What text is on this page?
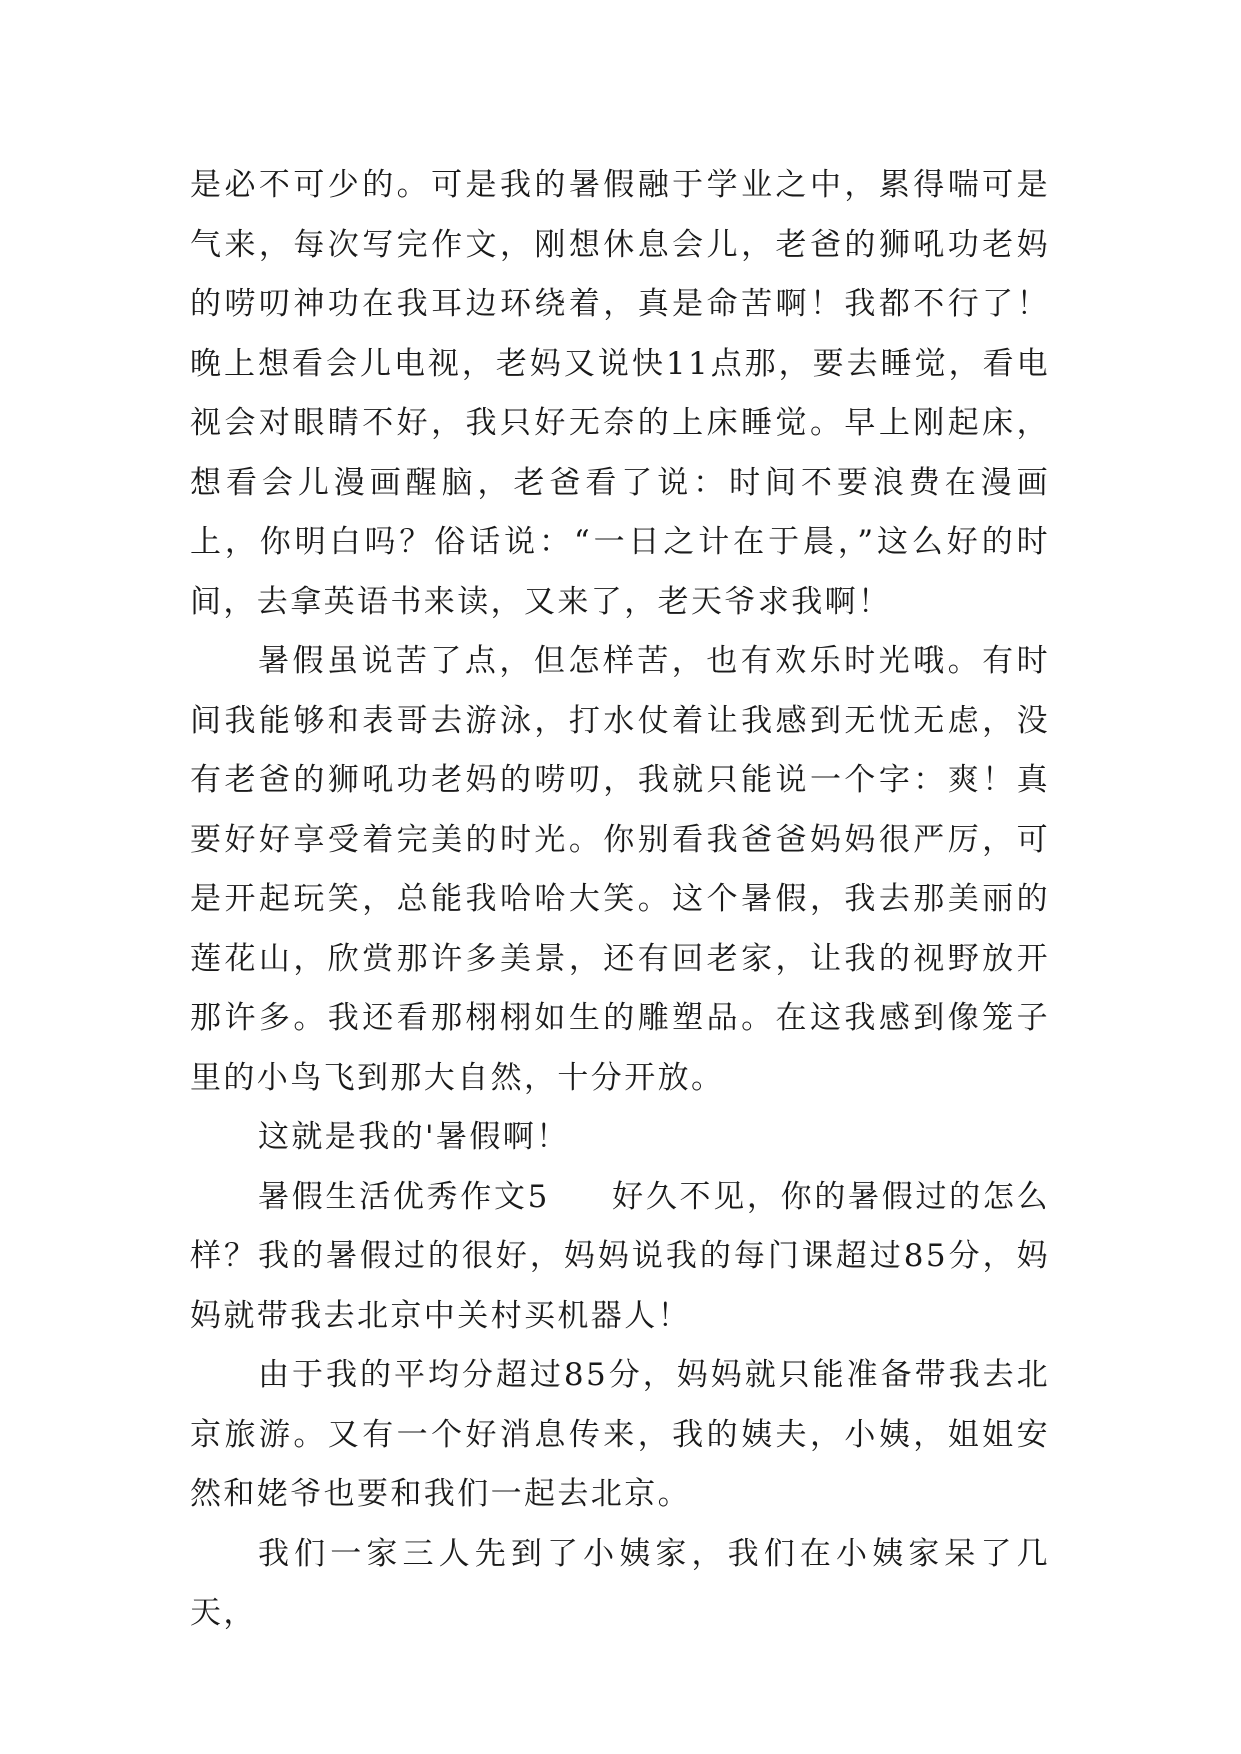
是必不可少的。可是我的暑假融于学业之中，累得喘可是气来，每次写完作文，刚想休息会儿，老爸的狮吼功老妈的唠叨神功在我耳边环绕着，真是命苦啊！我都不行了！晚上想看会儿电视，老妈又说快11点那，要去睡觉，看电视会对眼睛不好，我只好无奈的上床睡觉。早上刚起床，想看会儿漫画醒脑，老爸看了说：时间不要浪费在漫画上，你明白吗？俗话说：“一日之计在于晨，”这么好的时间，去拿英语书来读，又来了，老天爷求我啊！

暑假虽说苦了点，但怎样苦，也有欢乐时光哦。有时间我能够和表哥去游泳，打水仗着让我感到无忧无虑，没有老爸的狮吼功老妈的唠叨，我就只能说一个字：爽！真要好好享受着完美的时光。你别看我爸爸妈妈很严厉，可是开起玩笑，总能我哈哈大笑。这个暑假，我去那美丽的莲花山，欣赏那许多美景，还有回老家，让我的视野放开那许多。我还看那栩栩如生的雕塑品。在这我感到像笼子里的小鸟飞到那大自然，十分开放。

这就是我的'暑假啊！

暑假生活优秀作文5 好久不见，你的暑假过的怎么样？我的暑假过的很好，妈妈说我的每门课超过85分，妈妈就带我去北京中关村买机器人！

由于我的平均分超过85分，妈妈就只能准备带我去北京旅游。又有一个好消息传来，我的姨夫，小姨，姐姐安然和姥爷也要和我们一起去北京。

我们一家三人先到了小姨家，我们在小姨家呆了几天，
